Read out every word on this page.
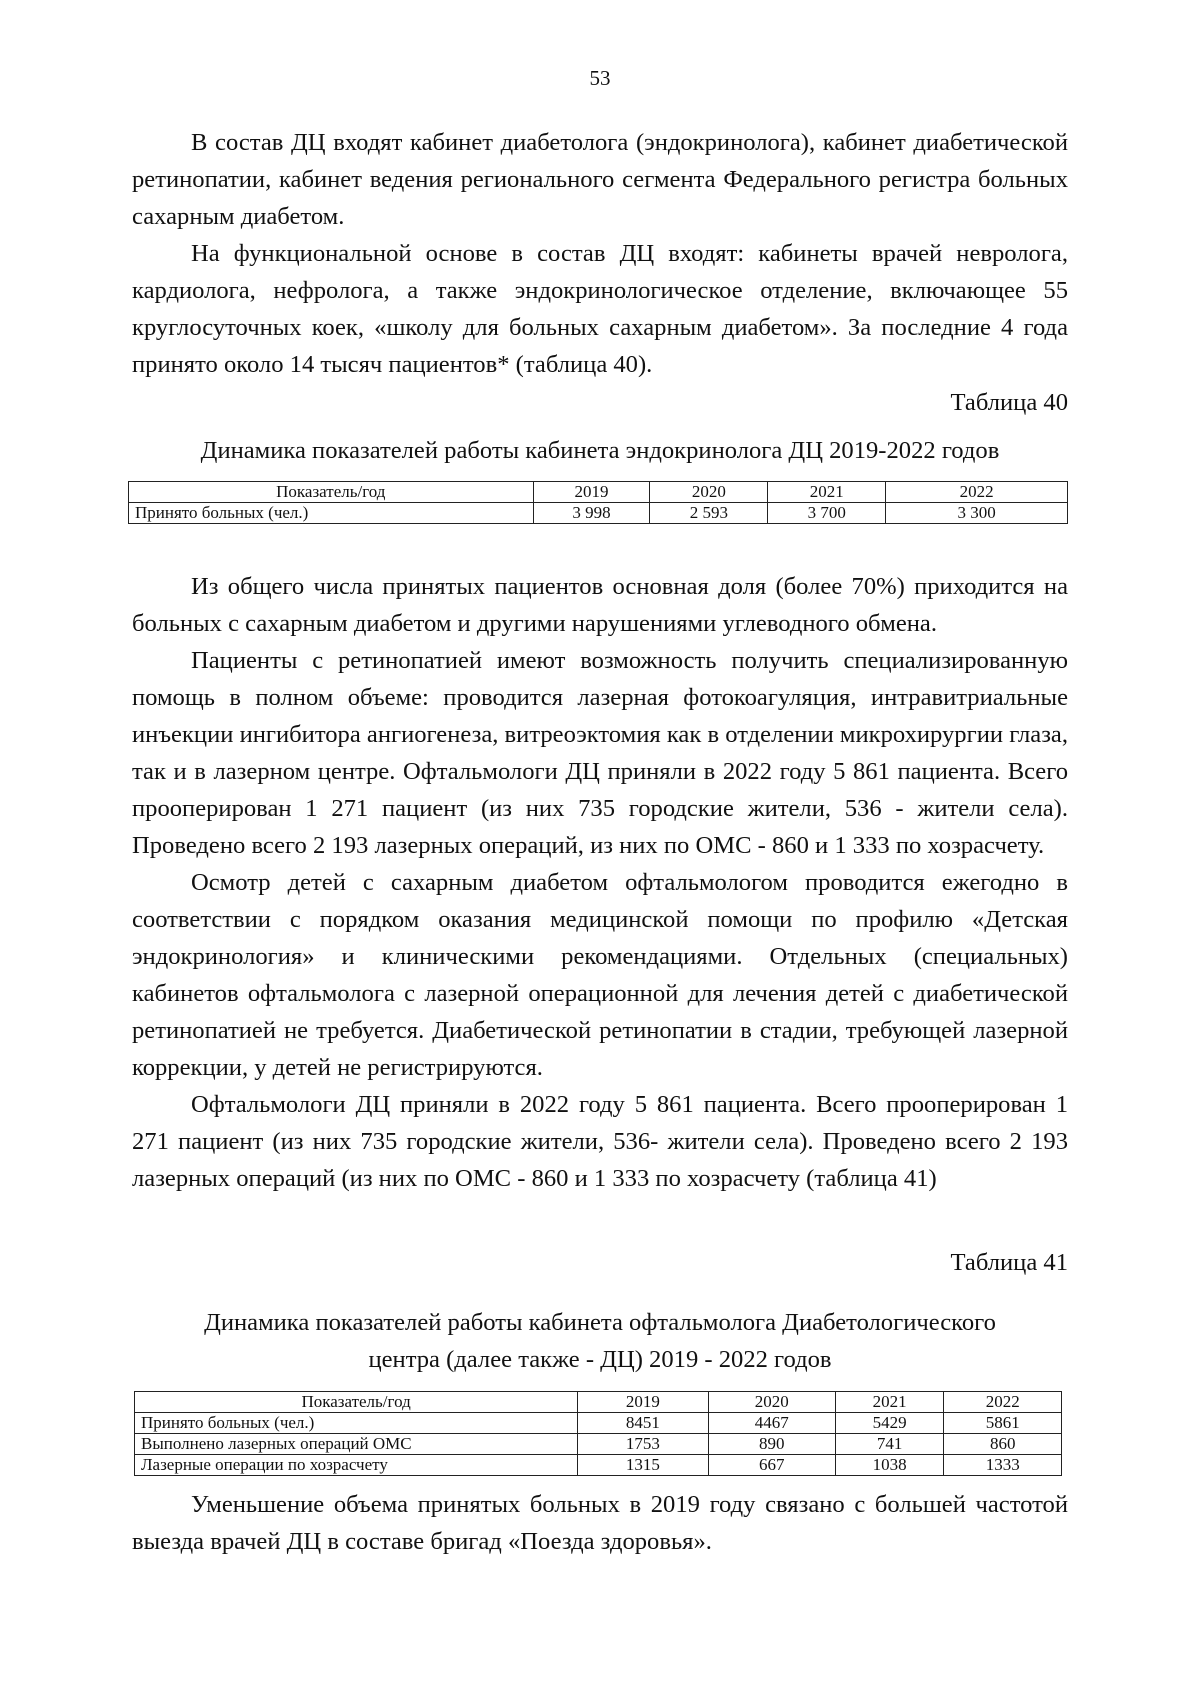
53

В состав ДЦ входят кабинет диабетолога (эндокринолога), кабинет диабетической ретинопатии, кабинет ведения регионального сегмента Федерального регистра больных сахарным диабетом.

На функциональной основе в состав ДЦ входят: кабинеты врачей невролога, кардиолога, нефролога, а также эндокринологическое отделение, включающее 55 круглосуточных коек, «школу для больных сахарным диабетом». За последние 4 года принято около 14 тысяч пациентов* (таблица 40).

Таблица 40
Динамика показателей работы кабинета эндокринолога ДЦ 2019-2022 годов
Показатель/год	2019	2020	2021	2022
Принято больных (чел.)	3 998	2 593	3 700	3 300

Из общего числа принятых пациентов основная доля (более 70%) приходится на больных с сахарным диабетом и другими нарушениями углеводного обмена.

Пациенты с ретинопатией имеют возможность получить специализированную помощь в полном объеме: проводится лазерная фотокоагуляция, интравитриальные инъекции ингибитора ангиогенеза, витреоэктомия как в отделении микрохирургии глаза, так и в лазерном центре. Офтальмологи ДЦ приняли в 2022 году 5 861 пациента. Всего прооперирован 1 271 пациент (из них 735 городские жители, 536 - жители села). Проведено всего 2 193 лазерных операций, из них по ОМС - 860 и 1 333 по хозрасчету.

Осмотр детей с сахарным диабетом офтальмологом проводится ежегодно в соответствии с порядком оказания медицинской помощи по профилю «Детская эндокринология» и клиническими рекомендациями. Отдельных (специальных) кабинетов офтальмолога с лазерной операционной для лечения детей с диабетической ретинопатией не требуется. Диабетической ретинопатии в стадии, требующей лазерной коррекции, у детей не регистрируются.

Офтальмологи ДЦ приняли в 2022 году 5 861 пациента. Всего прооперирован 1 271 пациент (из них 735 городские жители, 536- жители села). Проведено всего 2 193 лазерных операций (из них по ОМС - 860 и 1 333 по хозрасчету (таблица 41)

Таблица 41
Динамика показателей работы кабинета офтальмолога Диабетологического
центра (далее также - ДЦ) 2019 - 2022 годов
Показатель/год	2019	2020	2021	2022
Принято больных (чел.)	8451	4467	5429	5861
Выполнено лазерных операций ОМС	1753	890	741	860
Лазерные операции по хозрасчету	1315	667	1038	1333

Уменьшение объема принятых больных в 2019 году связано с большей частотой выезда врачей ДЦ в составе бригад «Поезда здоровья».
